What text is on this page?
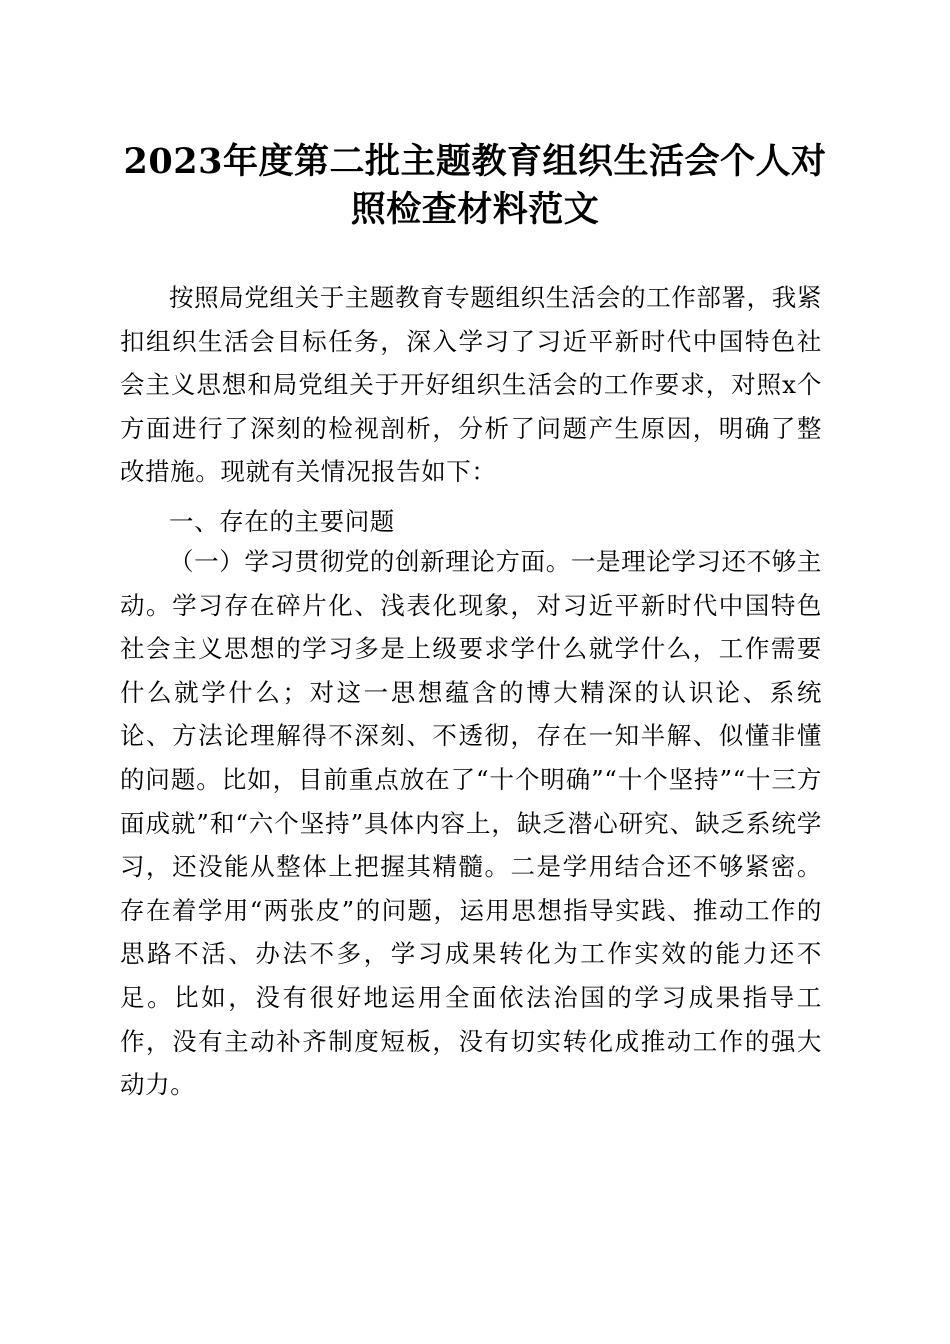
2023年度第二批主题教育组织生活会个人对
照检查材料范文

按照局党组关于主题教育专题组织生活会的工作部署，我紧扣组织生活会目标任务，深入学习了习近平新时代中国特色社会主义思想和局党组关于开好组织生活会的工作要求，对照x个方面进行了深刻的检视剖析，分析了问题产生原因，明确了整改措施。现就有关情况报告如下：

一、存在的主要问题

（一）学习贯彻党的创新理论方面。一是理论学习还不够主动。学习存在碎片化、浅表化现象，对习近平新时代中国特色社会主义思想的学习多是上级要求学什么就学什么，工作需要什么就学什么；对这一思想蕴含的博大精深的认识论、系统论、方法论理解得不深刻、不透彻，存在一知半解、似懂非懂的问题。比如，目前重点放在了“十个明确”“十个坚持”“十三方面成就”和“六个坚持”具体内容上，缺乏潜心研究、缺乏系统学习，还没能从整体上把握其精髓。二是学用结合还不够紧密。存在着学用“两张皮”的问题，运用思想指导实践、推动工作的思路不活、办法不多，学习成果转化为工作实效的能力还不足。比如，没有很好地运用全面依法治国的学习成果指导工作，没有主动补齐制度短板，没有切实转化成推动工作的强大动力。
